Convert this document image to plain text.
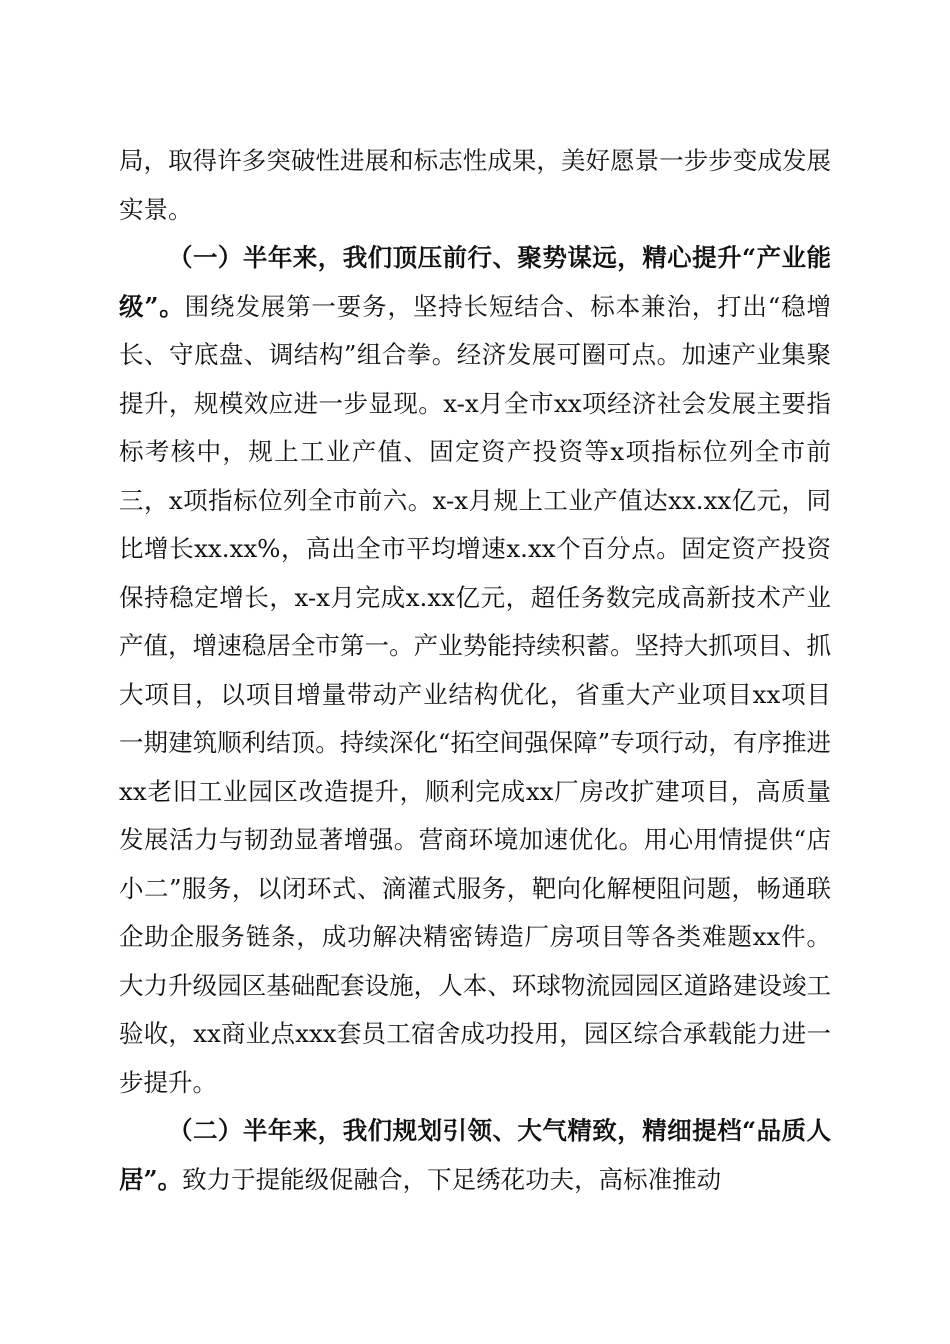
局，取得许多突破性进展和标志性成果，美好愿景一步步变成发展实景。

（一）半年来，我们顶压前行、聚势谋远，精心提升“产业能级”。围绕发展第一要务，坚持长短结合、标本兼治，打出“稳增长、守底盘、调结构”组合拳。经济发展可圈可点。加速产业集聚提升，规模效应进一步显现。x-x月全市xx项经济社会发展主要指标考核中，规上工业产值、固定资产投资等x项指标位列全市前三，x项指标位列全市前六。x-x月规上工业产值达xx.xx亿元，同比增长xx.xx%，高出全市平均增速x.xx个百分点。固定资产投资保持稳定增长，x-x月完成x.xx亿元，超任务数完成高新技术产业产值，增速稳居全市第一。产业势能持续积蓄。坚持大抓项目、抓大项目，以项目增量带动产业结构优化，省重大产业项目xx项目一期建筑顺利结顶。持续深化“拓空间强保障”专项行动，有序推进xx老旧工业园区改造提升，顺利完成xx厂房改扩建项目，高质量发展活力与韧劲显著增强。营商环境加速优化。用心用情提供“店小二”服务，以闭环式、滴灌式服务，靶向化解梗阻问题，畅通联企助企服务链条，成功解决精密铸造厂房项目等各类难题xx件。大力升级园区基础配套设施，人本、环球物流园园区道路建设竣工验收，xx商业点xxx套员工宿舍成功投用，园区综合承载能力进一步提升。

（二）半年来，我们规划引领、大气精致，精细提档“品质人居”。致力于提能级促融合，下足绣花功夫，高标准推动
